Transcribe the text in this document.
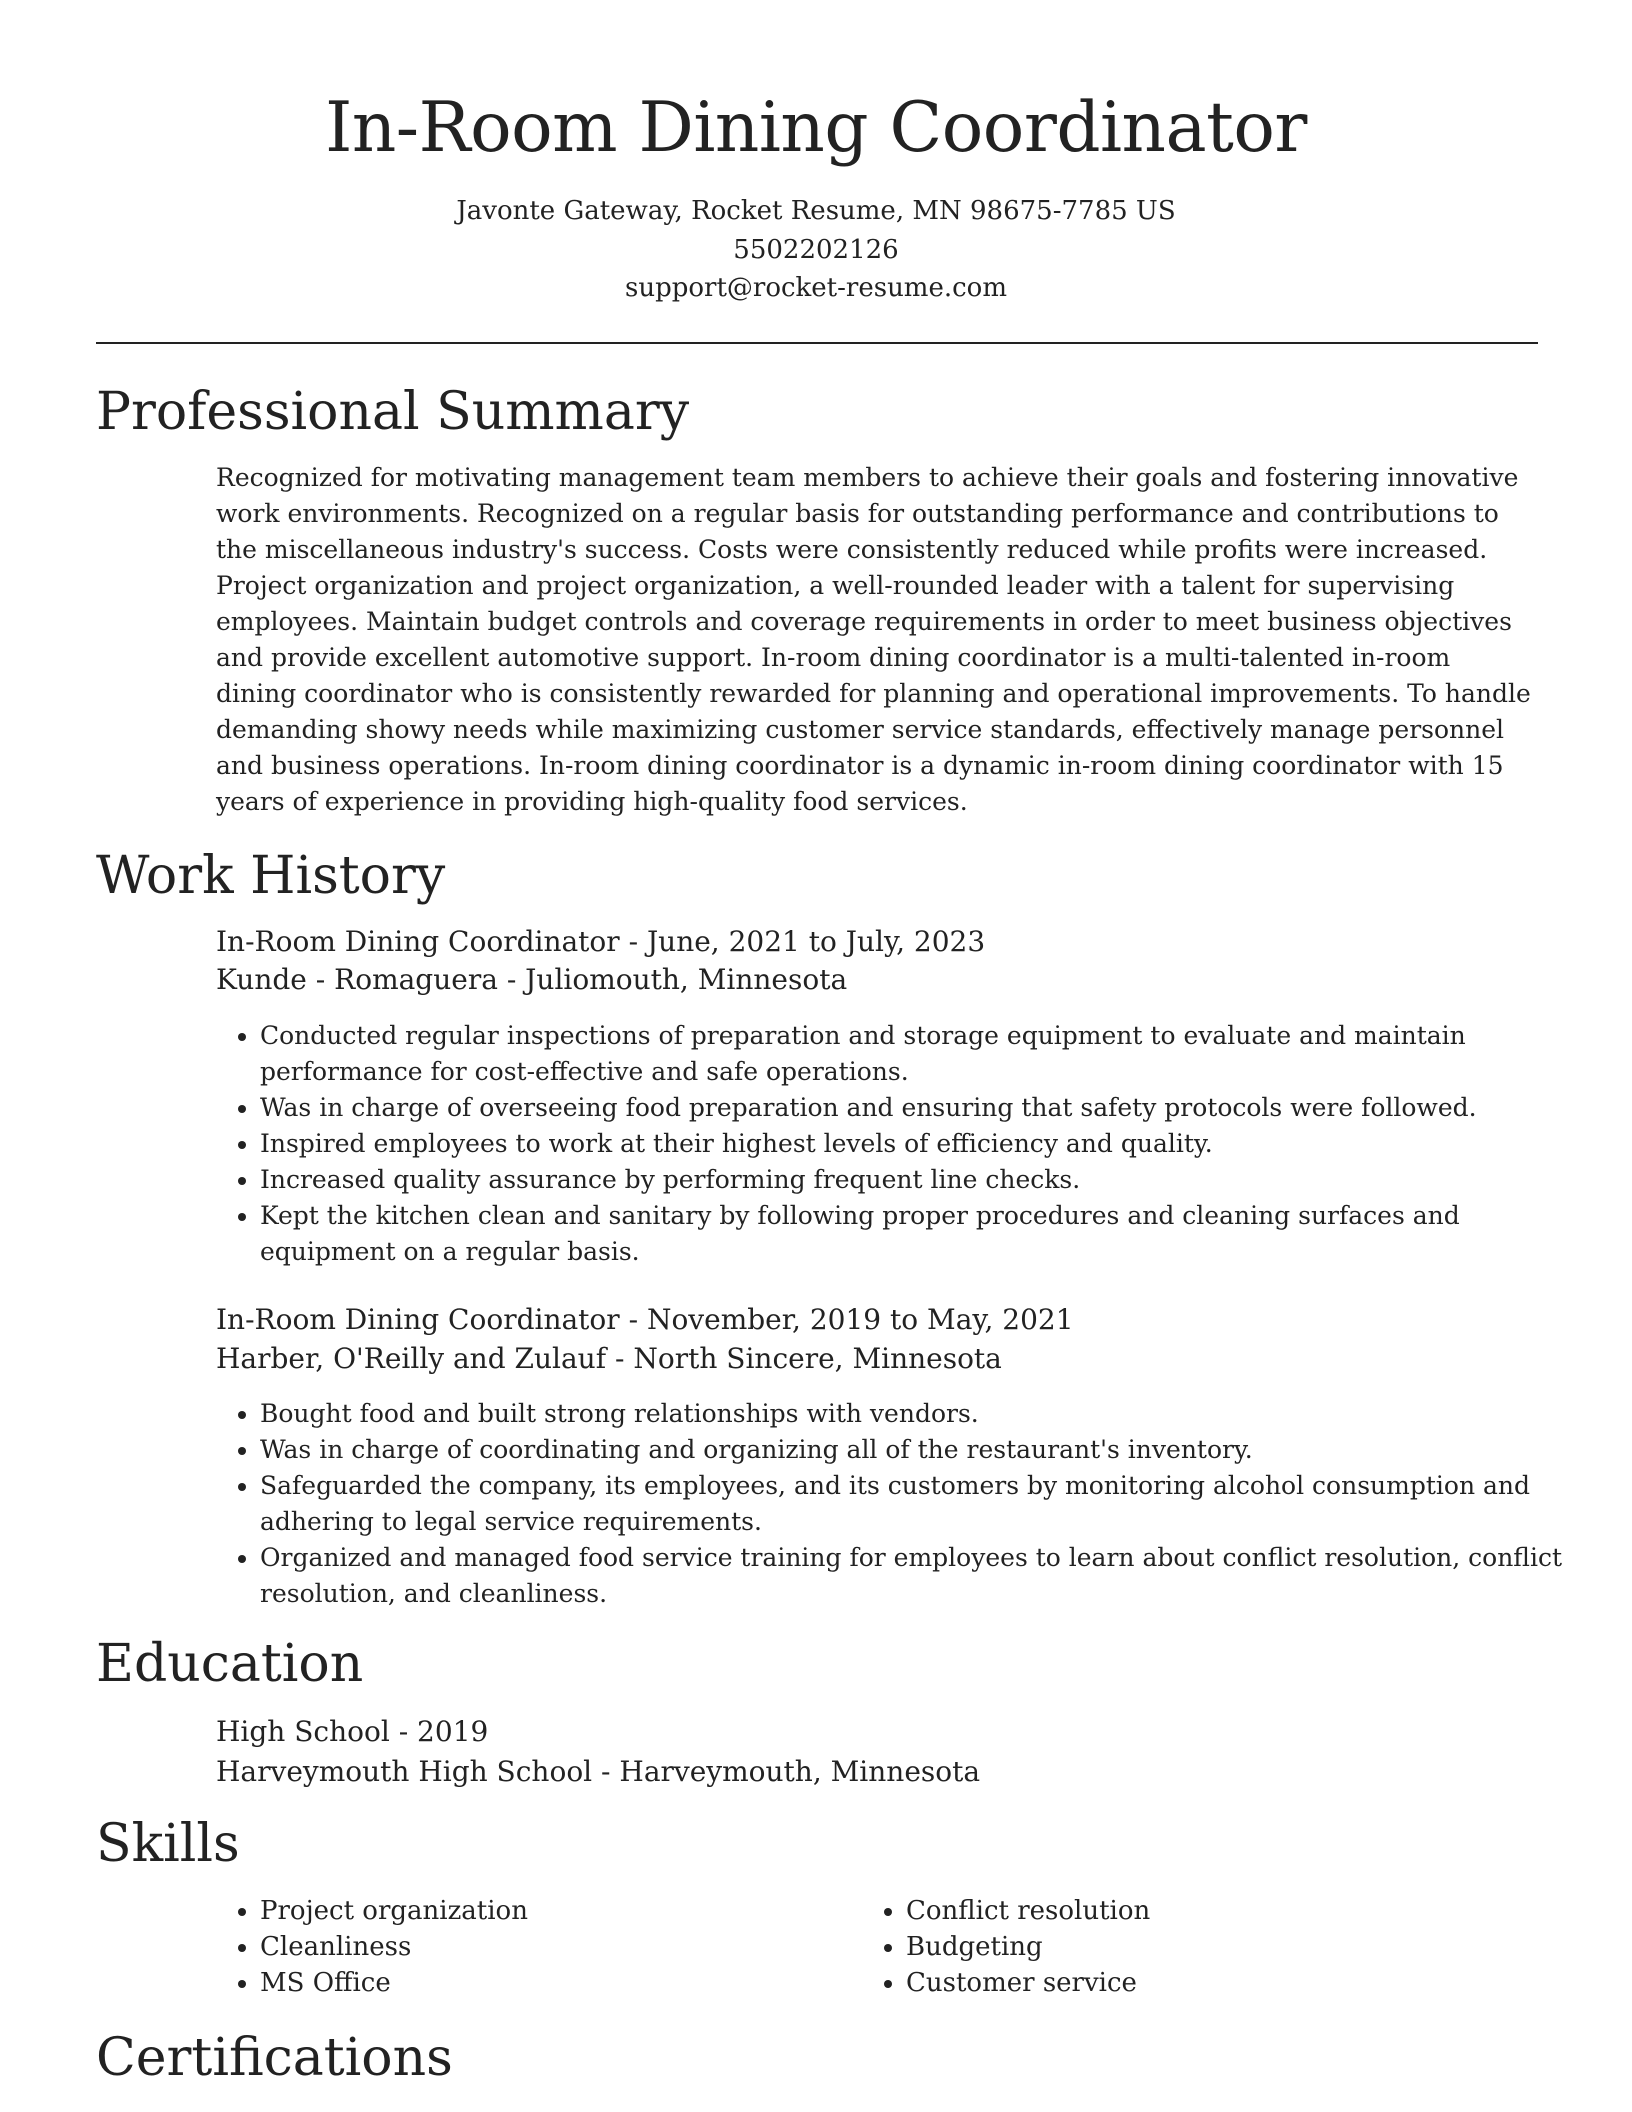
In-Room Dining Coordinator
Javonte Gateway, Rocket Resume, MN 98675-7785 US
5502202126
support@rocket-resume.com
Professional Summary

Recognized for motivating management team members to achieve their goals and fostering innovative work environments. Recognized on a regular basis for outstanding performance and contributions to the miscellaneous industry's success. Costs were consistently reduced while profits were increased. Project organization and project organization, a well-rounded leader with a talent for supervising employees. Maintain budget controls and coverage requirements in order to meet business objectives and provide excellent automotive support. In-room dining coordinator is a multi-talented in-room dining coordinator who is consistently rewarded for planning and operational improvements. To handle demanding showy needs while maximizing customer service standards, effectively manage personnel and business operations. In-room dining coordinator is a dynamic in-room dining coordinator with 15 years of experience in providing high-quality food services.

Work History
In-Room Dining Coordinator - June, 2021 to July, 2023
Kunde - Romaguera - Juliomouth, Minnesota
• Conducted regular inspections of preparation and storage equipment to evaluate and maintain performance for cost-effective and safe operations.
• Was in charge of overseeing food preparation and ensuring that safety protocols were followed.
• Inspired employees to work at their highest levels of efficiency and quality.
• Increased quality assurance by performing frequent line checks.
• Kept the kitchen clean and sanitary by following proper procedures and cleaning surfaces and equipment on a regular basis.
In-Room Dining Coordinator - November, 2019 to May, 2021
Harber, O'Reilly and Zulauf - North Sincere, Minnesota
• Bought food and built strong relationships with vendors.
• Was in charge of coordinating and organizing all of the restaurant's inventory.
• Safeguarded the company, its employees, and its customers by monitoring alcohol consumption and adhering to legal service requirements.
• Organized and managed food service training for employees to learn about conflict resolution, conflict resolution, and cleanliness.
Education
High School - 2019
Harveymouth High School - Harveymouth, Minnesota
Skills
• Project organization
• Cleanliness
• MS Office
• Conflict resolution
• Budgeting
• Customer service
Certifications
